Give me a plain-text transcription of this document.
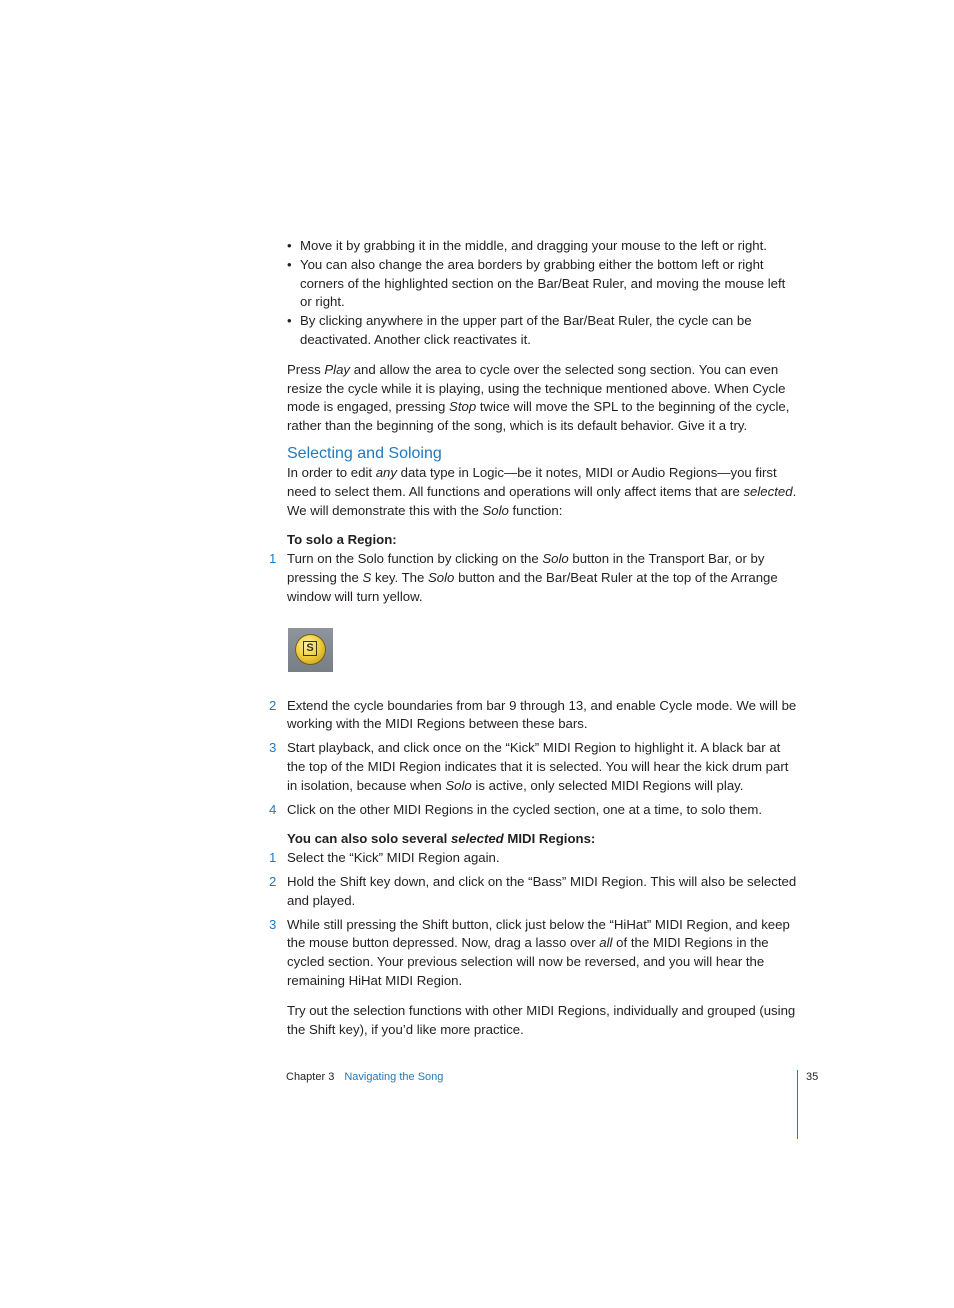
• Move it by grabbing it in the middle, and dragging your mouse to the left or right.
• You can also change the area borders by grabbing either the bottom left or right corners of the highlighted section on the Bar/Beat Ruler, and moving the mouse left or right.
• By clicking anywhere in the upper part of the Bar/Beat Ruler, the cycle can be deactivated. Another click reactivates it.

Press Play and allow the area to cycle over the selected song section. You can even resize the cycle while it is playing, using the technique mentioned above. When Cycle mode is engaged, pressing Stop twice will move the SPL to the beginning of the cycle, rather than the beginning of the song, which is its default behavior. Give it a try.

Selecting and Soloing

In order to edit any data type in Logic—be it notes, MIDI or Audio Regions—you first need to select them. All functions and operations will only affect items that are selected. We will demonstrate this with the Solo function:

To solo a Region:

1 Turn on the Solo function by clicking on the Solo button in the Transport Bar, or by pressing the S key. The Solo button and the Bar/Beat Ruler at the top of the Arrange window will turn yellow.
S
2 Extend the cycle boundaries from bar 9 through 13, and enable Cycle mode. We will be working with the MIDI Regions between these bars.
3 Start playback, and click once on the “Kick” MIDI Region to highlight it. A black bar at the top of the MIDI Region indicates that it is selected. You will hear the kick drum part in isolation, because when Solo is active, only selected MIDI Regions will play.
4 Click on the other MIDI Regions in the cycled section, one at a time, to solo them.

You can also solo several selected MIDI Regions:

1 Select the “Kick” MIDI Region again.
2 Hold the Shift key down, and click on the “Bass” MIDI Region. This will also be selected and played.
3 While still pressing the Shift button, click just below the “HiHat” MIDI Region, and keep the mouse button depressed. Now, drag a lasso over all of the MIDI Regions in the cycled section. Your previous selection will now be reversed, and you will hear the remaining HiHat MIDI Region.

Try out the selection functions with other MIDI Regions, individually and grouped (using the Shift key), if you’d like more practice.

Chapter 3 Navigating the Song	35
